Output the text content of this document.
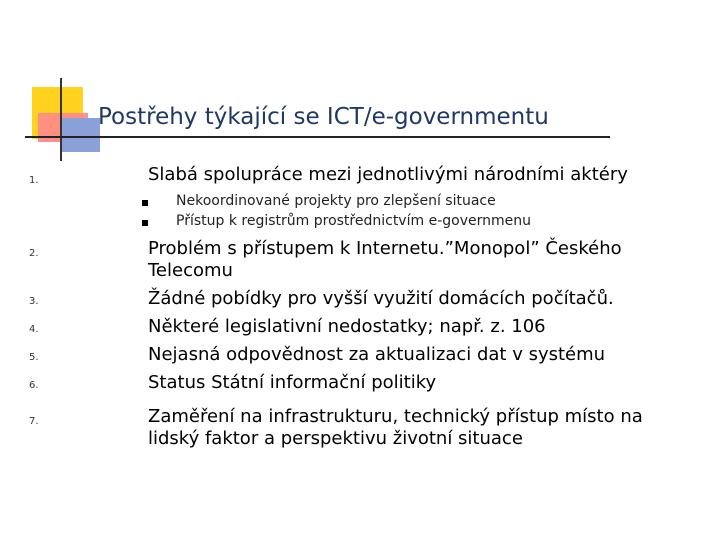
Postřehy týkající se ICT/e-governmentu
1.	Slabá spolupráce mezi jednotlivými národními aktéry
Nekoordinované projekty pro zlepšení situace
Přístup k registrům prostřednictvím e-governmenu
2.	Problém s přístupem k Internetu.”Monopol” Českého Telecomu
3.	Žádné pobídky pro vyšší využití domácích počítačů.
4.	Některé legislativní nedostatky; např. z. 106
5.	Nejasná odpovědnost za aktualizaci dat v systému
6.	Status Státní informační politiky
7.	Zaměření na infrastrukturu, technický přístup místo na lidský faktor a perspektivu životní situace
